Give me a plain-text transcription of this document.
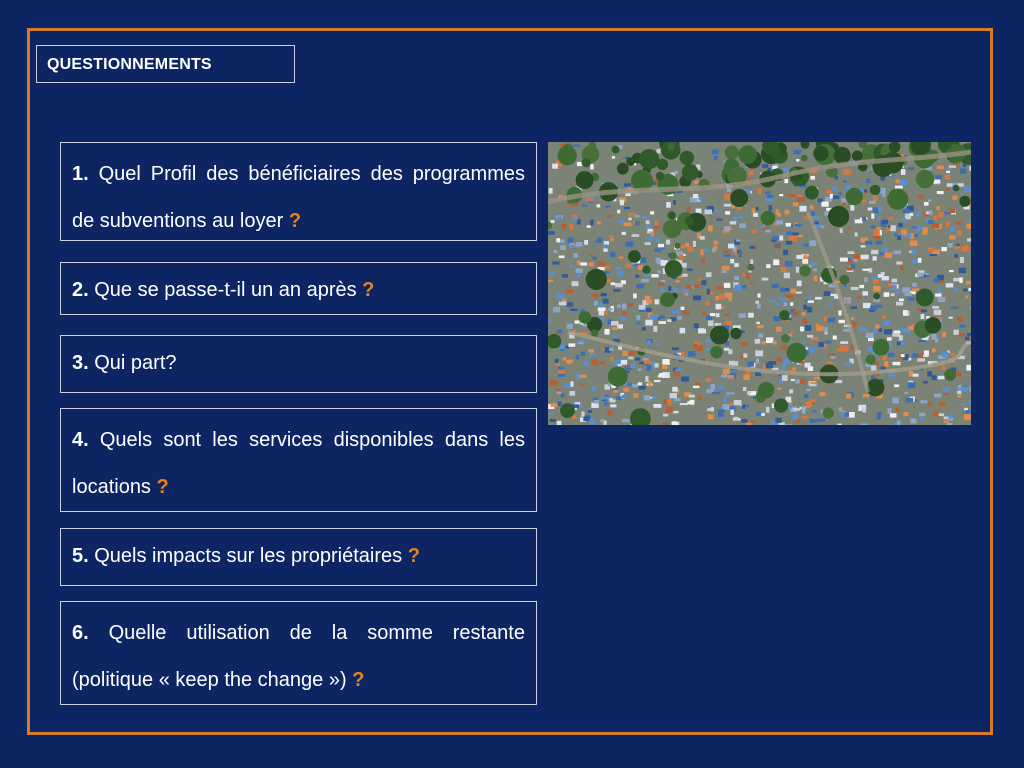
QUESTIONNEMENTS
1. Quel Profil des bénéficiaires des programmes de subventions au loyer ?
2. Que se passe-t-il un an après ?
3. Qui part?
4. Quels sont les services disponibles dans les locations ?
5. Quels impacts sur les propriétaires ?
6. Quelle utilisation de la somme restante (politique « keep the change ») ?
